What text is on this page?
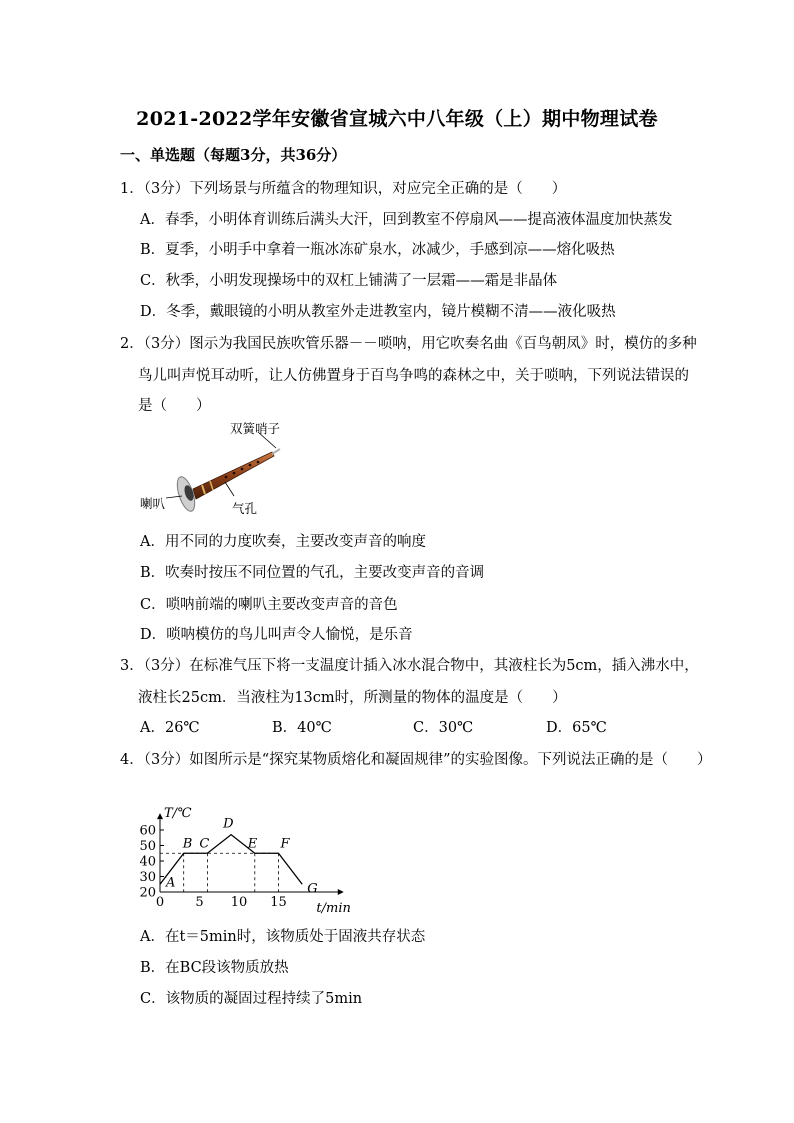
2021-2022学年安徽省宣城六中八年级（上）期中物理试卷
一、单选题（每题3分，共36分）
1．（3分）下列场景与所蕴含的物理知识，对应完全正确的是（　　）
A．春季，小明体育训练后满头大汗，回到教室不停扇风——提高液体温度加快蒸发
B．夏季，小明手中拿着一瓶冰冻矿泉水，冰减少，手感到凉——熔化吸热
C．秋季，小明发现操场中的双杠上铺满了一层霜——霜是非晶体
D．冬季，戴眼镜的小明从教室外走进教室内，镜片模糊不清——液化吸热
2．（3分）图示为我国民族吹管乐器－－唢呐，用它吹奏名曲《百鸟朝凤》时，模仿的多种
鸟儿叫声悦耳动听，让人仿佛置身于百鸟争鸣的森林之中，关于唢呐，下列说法错误的
是（　　）
双簧哨子
喇叭	气孔
A．用不同的力度吹奏，主要改变声音的响度
B．吹奏时按压不同位置的气孔，主要改变声音的音调
C．唢呐前端的喇叭主要改变声音的音色
D．唢呐模仿的鸟儿叫声令人愉悦，是乐音
3．（3分）在标准气压下将一支温度计插入冰水混合物中，其液柱长为5cm，插入沸水中，
液柱长25cm．当液柱为13cm时，所测量的物体的温度是（　　）
A．26℃	B．40℃	C．30℃	D．65℃
4．（3分）如图所示是“探究某物质熔化和凝固规律”的实验图像。下列说法正确的是（　　）
T/℃
t/min
20
30
40
50
60
0 5 10 15
A
B C
D
E F
G
A．在t＝5min时，该物质处于固液共存状态
B．在BC段该物质放热
C．该物质的凝固过程持续了5min
